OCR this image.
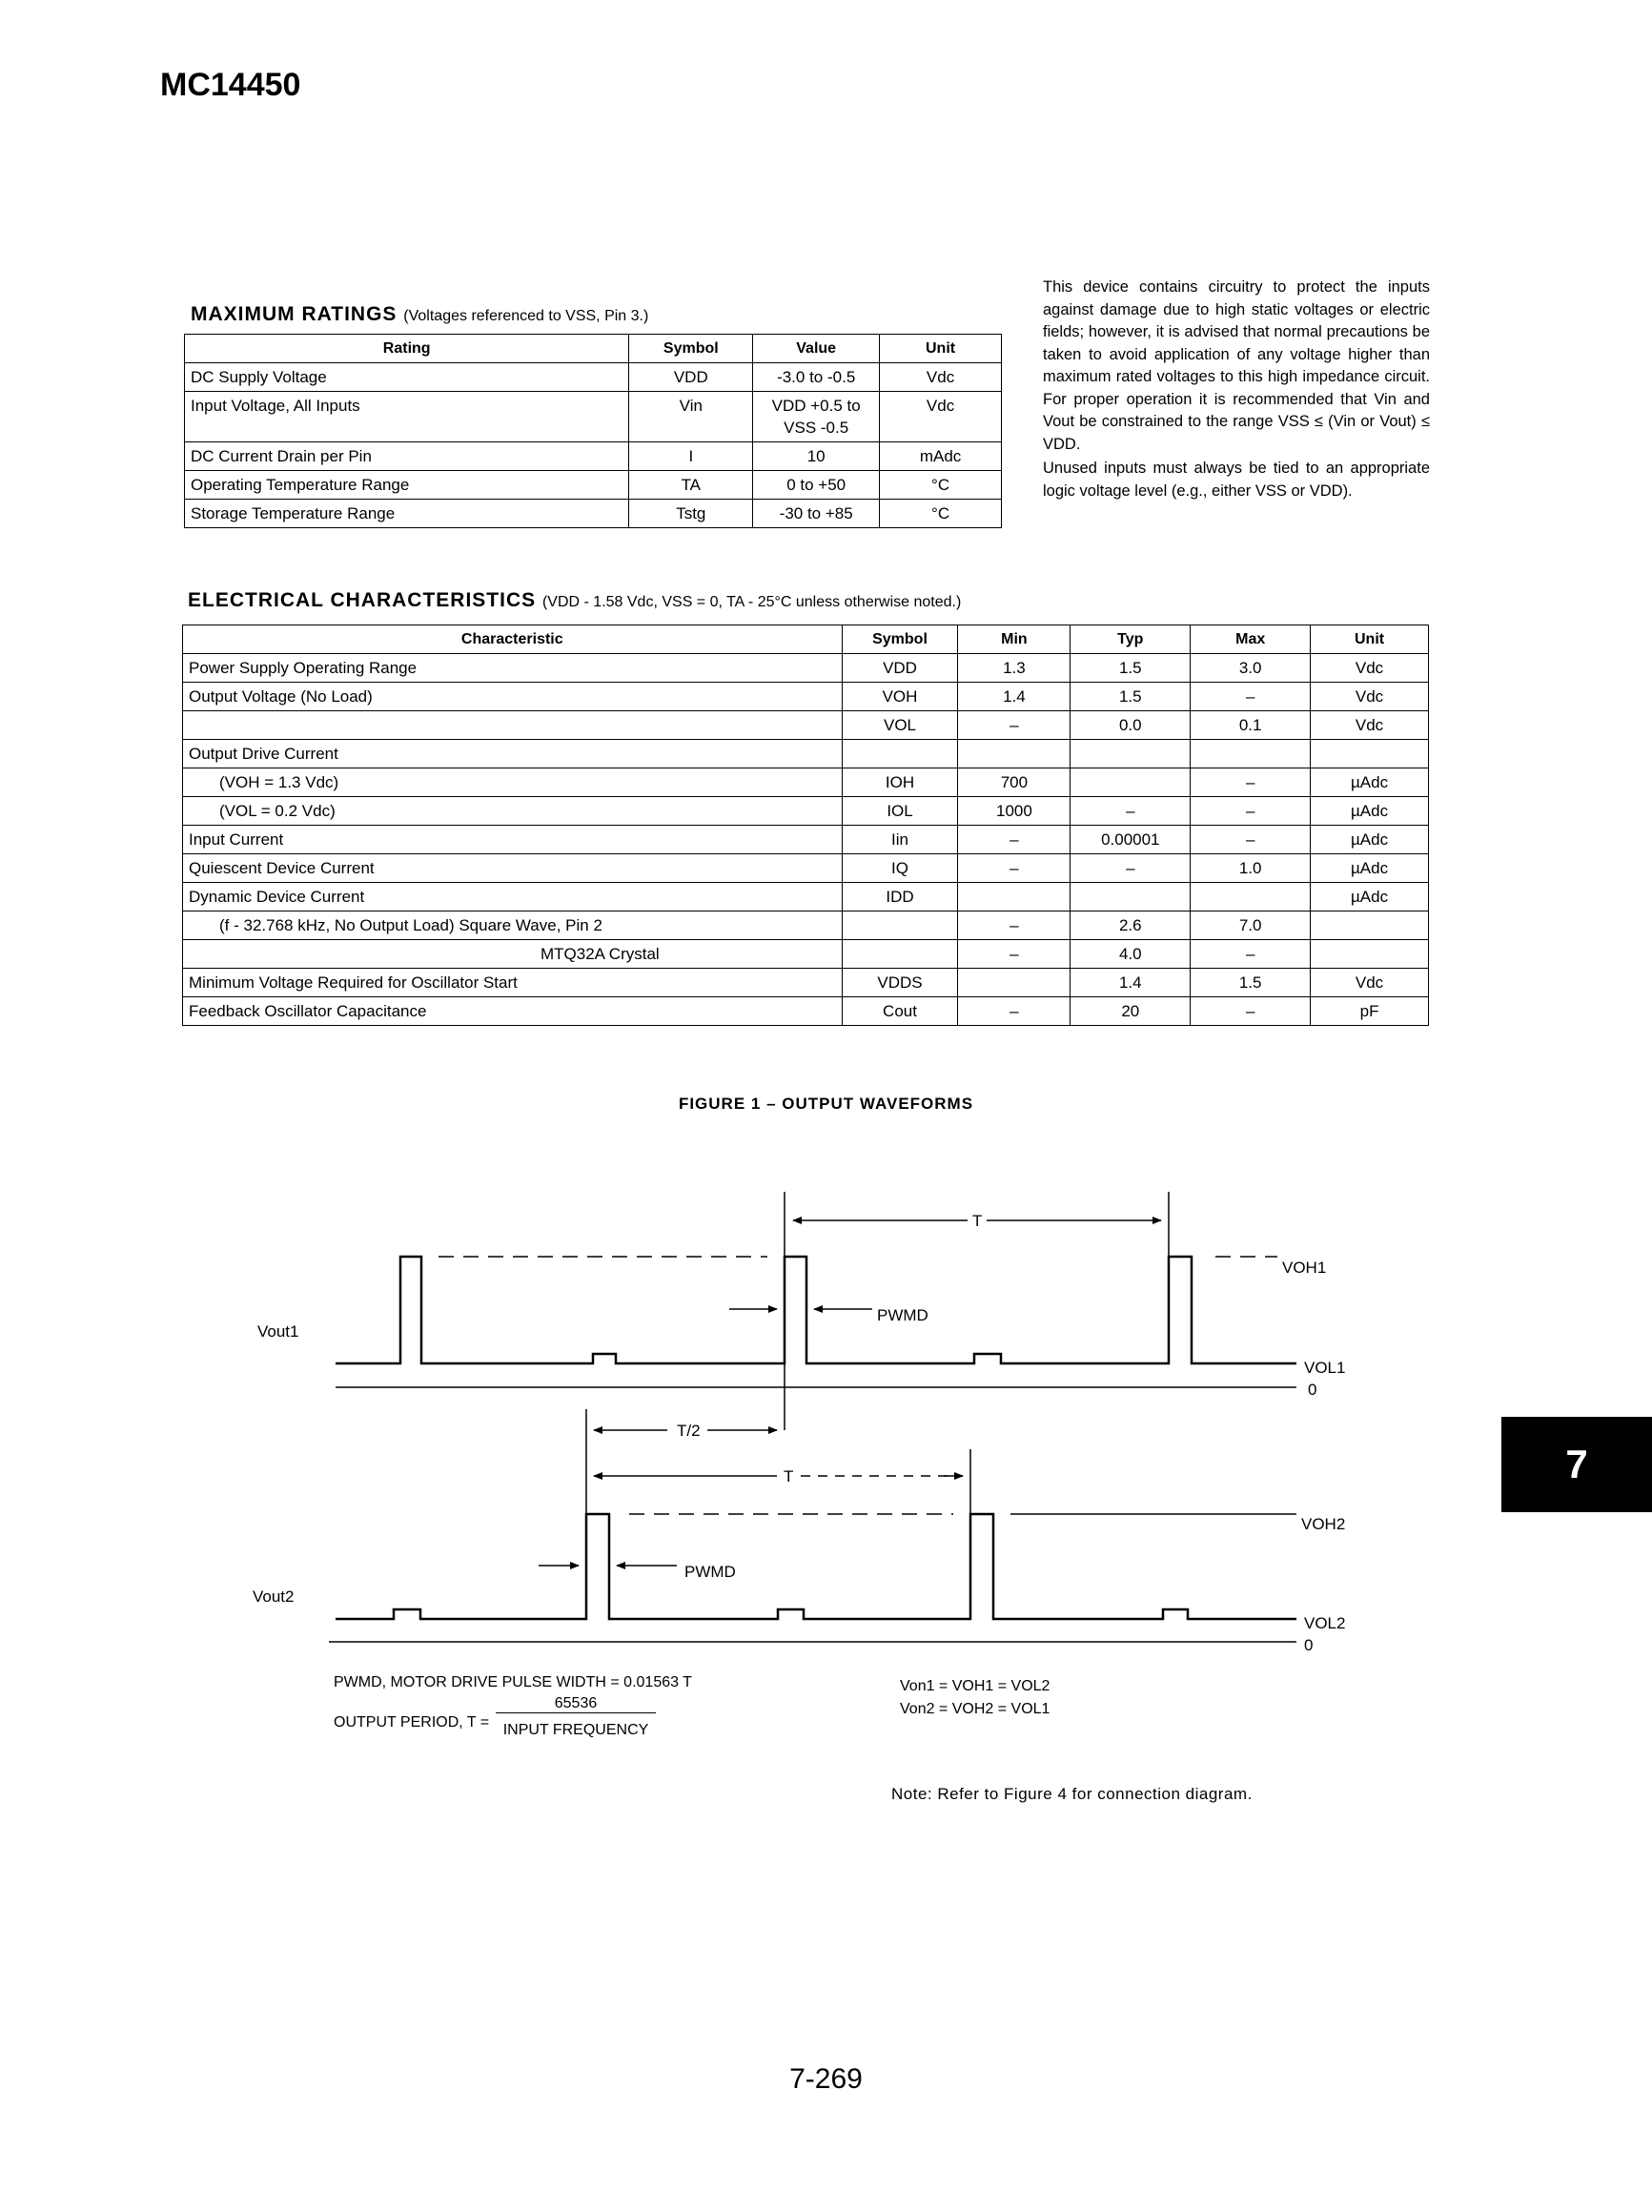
MC14450
MAXIMUM RATINGS (Voltages referenced to VSS, Pin 3.)
Rating	Symbol	Value	Unit
DC Supply Voltage	VDD	-3.0 to -0.5	Vdc
Input Voltage, All Inputs	Vin	VDD +0.5 to VSS -0.5	Vdc
DC Current Drain per Pin	I	10	mAdc
Operating Temperature Range	TA	0 to +50	°C
Storage Temperature Range	Tstg	-30 to +85	°C

This device contains circuitry to protect the inputs against damage due to high static voltages or electric fields; however, it is advised that normal precautions be taken to avoid application of any voltage higher than maximum rated voltages to this high impedance circuit. For proper operation it is recommended that Vin and Vout be constrained to the range VSS ≤ (Vin or Vout) ≤ VDD.

Unused inputs must always be tied to an appropriate logic voltage level (e.g., either VSS or VDD).

ELECTRICAL CHARACTERISTICS (VDD - 1.58 Vdc, VSS = 0, TA - 25°C unless otherwise noted.)
Characteristic	Symbol	Min	Typ	Max	Unit
Power Supply Operating Range	VDD	1.3	1.5	3.0	Vdc
Output Voltage (No Load)	VOH	1.4	1.5	–	Vdc
	VOL	–	0.0	0.1	Vdc
Output Drive Current					
(VOH = 1.3 Vdc)	IOH	700		–	µAdc
(VOL = 0.2 Vdc)	IOL	1000	–	–	µAdc
Input Current	Iin	–	0.00001	–	µAdc
Quiescent Device Current	IQ	–	–	1.0	µAdc
Dynamic Device Current	IDD				µAdc
(f - 32.768 kHz, No Output Load) Square Wave, Pin 2		–	2.6	7.0	
MTQ32A Crystal		–	4.0	–	
Minimum Voltage Required for Oscillator Start	VDDS		1.4	1.5	Vdc
Feedback Oscillator Capacitance	Cout	–	20	–	pF
FIGURE 1 – OUTPUT WAVEFORMS
Vout1
Vout2
VOH1
VOL1
0
VOH2
VOL2
0
T
PWMD
T/2
T
PWMD
PWMD, MOTOR DRIVE PULSE WIDTH = 0.01563 T
OUTPUT PERIOD, T =
65536
INPUT FREQUENCY
Von1 = VOH1 = VOL2
Von2 = VOH2 = VOL1
Note: Refer to Figure 4 for connection diagram.
7
7-269
